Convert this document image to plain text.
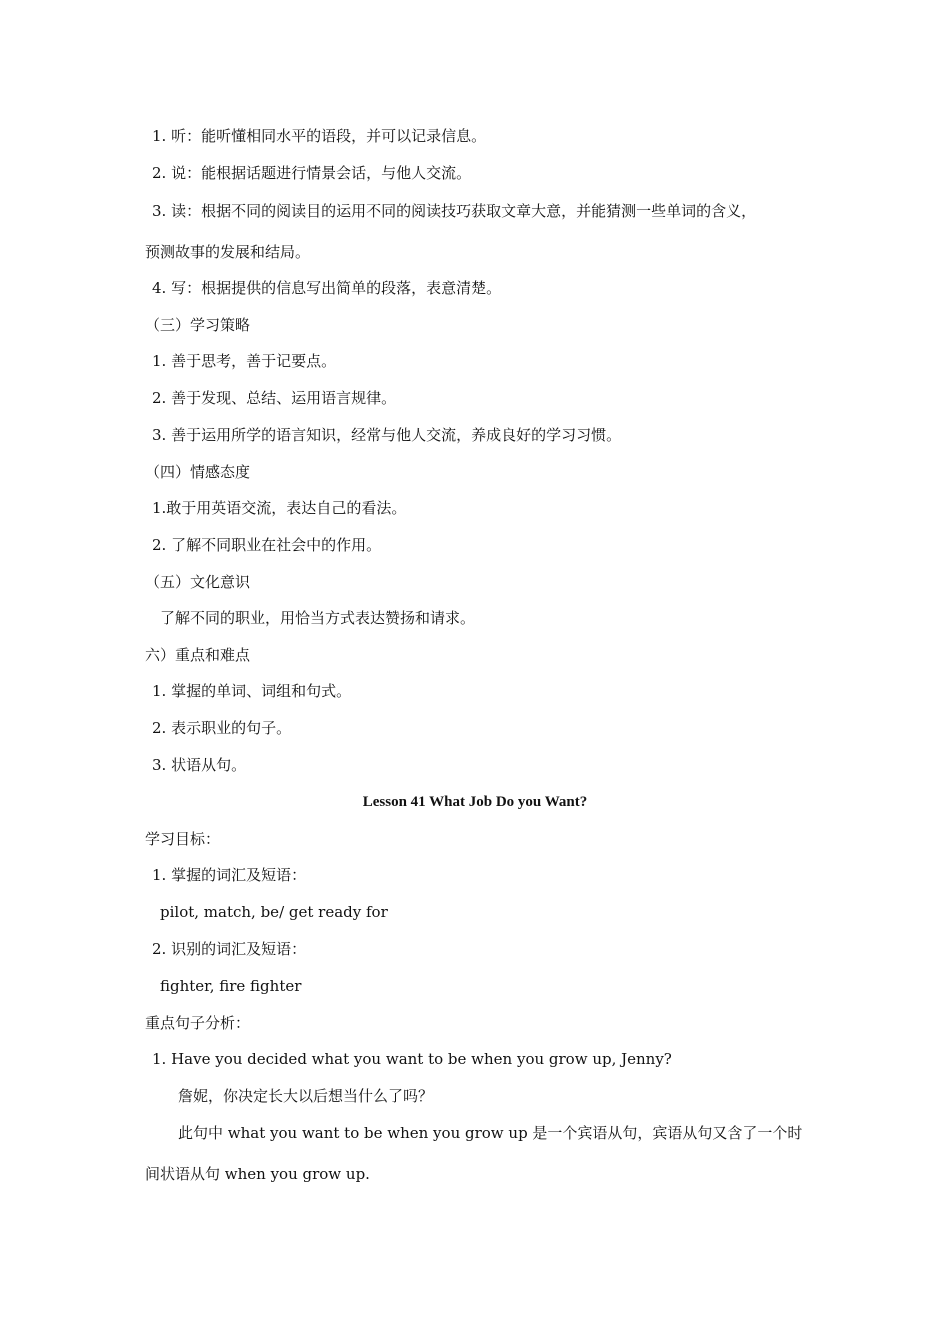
1. 听：能听懂相同水平的语段，并可以记录信息。
2. 说：能根据话题进行情景会话，与他人交流。
3. 读：根据不同的阅读目的运用不同的阅读技巧获取文章大意，并能猜测一些单词的含义，
预测故事的发展和结局。
4. 写：根据提供的信息写出简单的段落，表意清楚。
（三）学习策略
1. 善于思考，善于记要点。
2. 善于发现、总结、运用语言规律。
3. 善于运用所学的语言知识，经常与他人交流，养成良好的学习习惯。
（四）情感态度
1.敢于用英语交流，表达自己的看法。
2. 了解不同职业在社会中的作用。
（五）文化意识
了解不同的职业，用恰当方式表达赞扬和请求。
六）重点和难点
1. 掌握的单词、词组和句式。
2. 表示职业的句子。
3. 状语从句。
Lesson 41 What Job Do you Want?
学习目标：
1. 掌握的词汇及短语：
pilot, match, be/ get ready for
2. 识别的词汇及短语：
fighter, fire fighter
重点句子分析：
1. Have you decided what you want to be when you grow up, Jenny?
詹妮，你决定长大以后想当什么了吗？
此句中 what you want to be when you grow up 是一个宾语从句，宾语从句又含了一个时
间状语从句 when you grow up.
